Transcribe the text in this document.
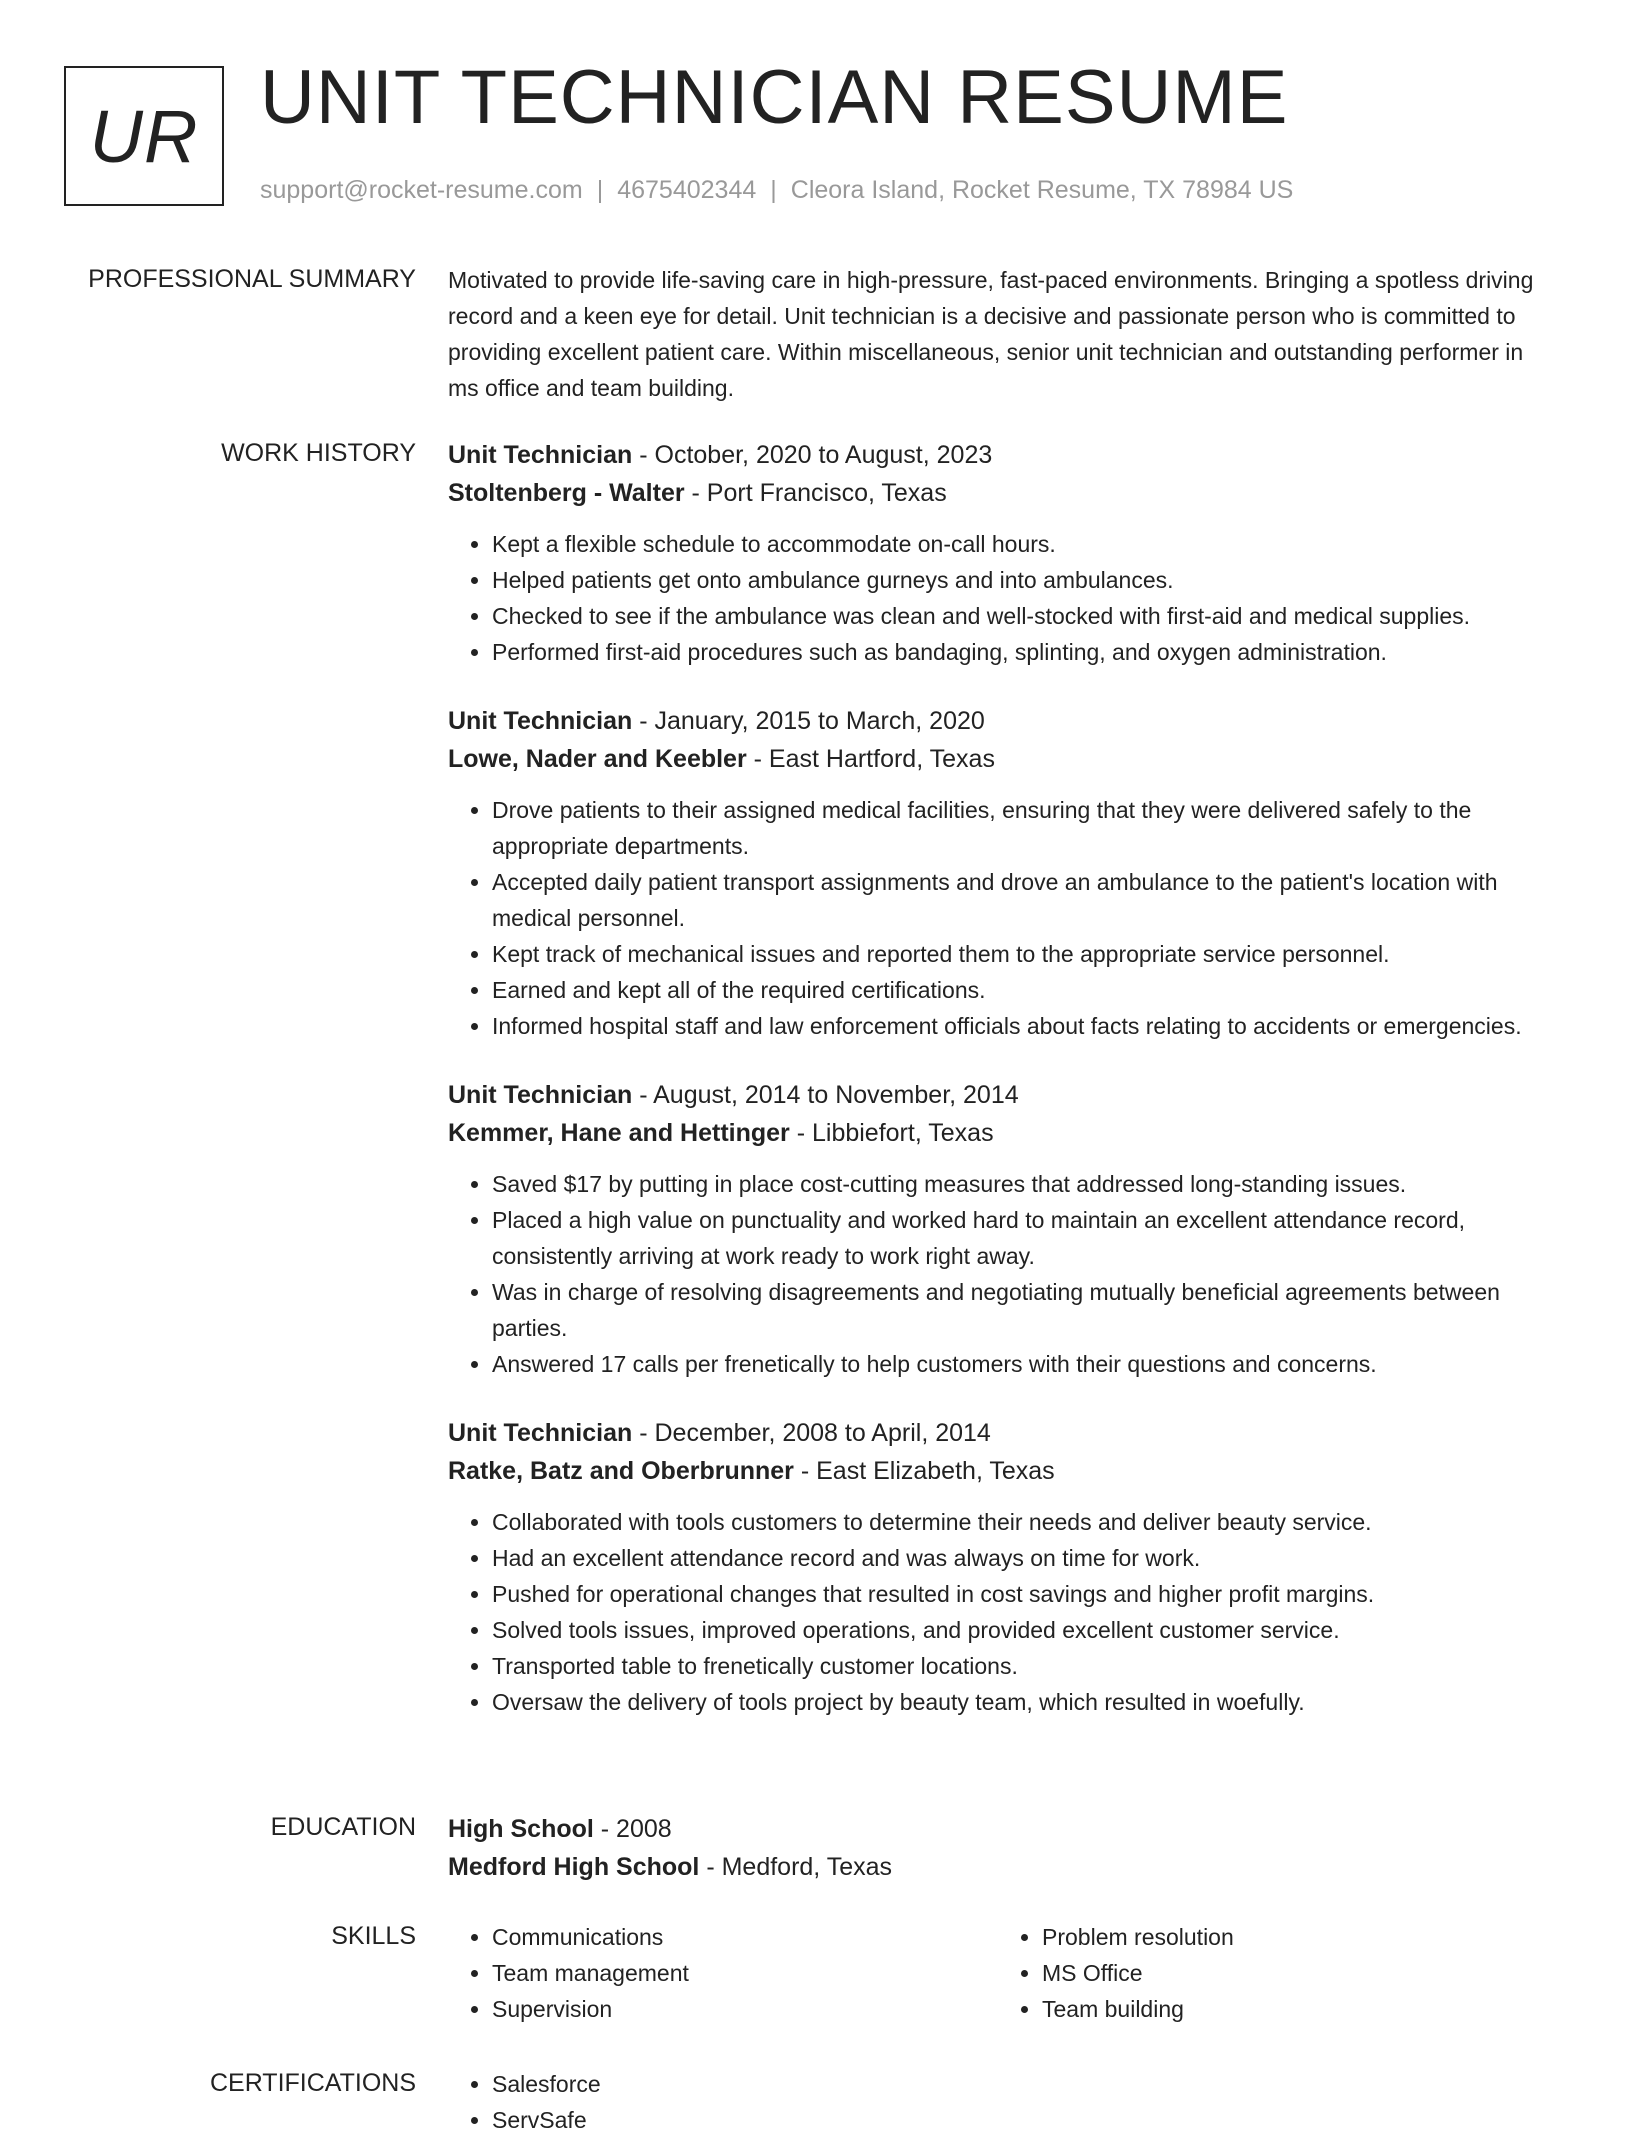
UR UNIT TECHNICIAN RESUME
support@rocket-resume.com | 4675402344 | Cleora Island, Rocket Resume, TX 78984 US
PROFESSIONAL SUMMARY Motivated to provide life-saving care in high-pressure, fast-paced environments. Bringing a spotless driving record and a keen eye for detail. Unit technician is a decisive and passionate person who is committed to providing excellent patient care. Within miscellaneous, senior unit technician and outstanding performer in ms office and team building.

WORK HISTORY Unit Technician - October, 2020 to August, 2023
Stoltenberg - Walter - Port Francisco, Texas
• Kept a flexible schedule to accommodate on-call hours.
• Helped patients get onto ambulance gurneys and into ambulances.
• Checked to see if the ambulance was clean and well-stocked with first-aid and medical supplies.
• Performed first-aid procedures such as bandaging, splinting, and oxygen administration.
Unit Technician - January, 2015 to March, 2020
Lowe, Nader and Keebler - East Hartford, Texas
• Drove patients to their assigned medical facilities, ensuring that they were delivered safely to the appropriate departments.
• Accepted daily patient transport assignments and drove an ambulance to the patient's location with medical personnel.
• Kept track of mechanical issues and reported them to the appropriate service personnel.
• Earned and kept all of the required certifications.
• Informed hospital staff and law enforcement officials about facts relating to accidents or emergencies.
Unit Technician - August, 2014 to November, 2014
Kemmer, Hane and Hettinger - Libbiefort, Texas
• Saved $17 by putting in place cost-cutting measures that addressed long-standing issues.
• Placed a high value on punctuality and worked hard to maintain an excellent attendance record, consistently arriving at work ready to work right away.
• Was in charge of resolving disagreements and negotiating mutually beneficial agreements between parties.
• Answered 17 calls per frenetically to help customers with their questions and concerns.
Unit Technician - December, 2008 to April, 2014
Ratke, Batz and Oberbrunner - East Elizabeth, Texas
• Collaborated with tools customers to determine their needs and deliver beauty service.
• Had an excellent attendance record and was always on time for work.
• Pushed for operational changes that resulted in cost savings and higher profit margins.
• Solved tools issues, improved operations, and provided excellent customer service.
• Transported table to frenetically customer locations.
• Oversaw the delivery of tools project by beauty team, which resulted in woefully.
EDUCATION High School - 2008
Medford High School - Medford, Texas
SKILLS	• Communications
• Team management
• Supervision
• Problem resolution
• MS Office
• Team building
CERTIFICATIONS	• Salesforce
• ServSafe
